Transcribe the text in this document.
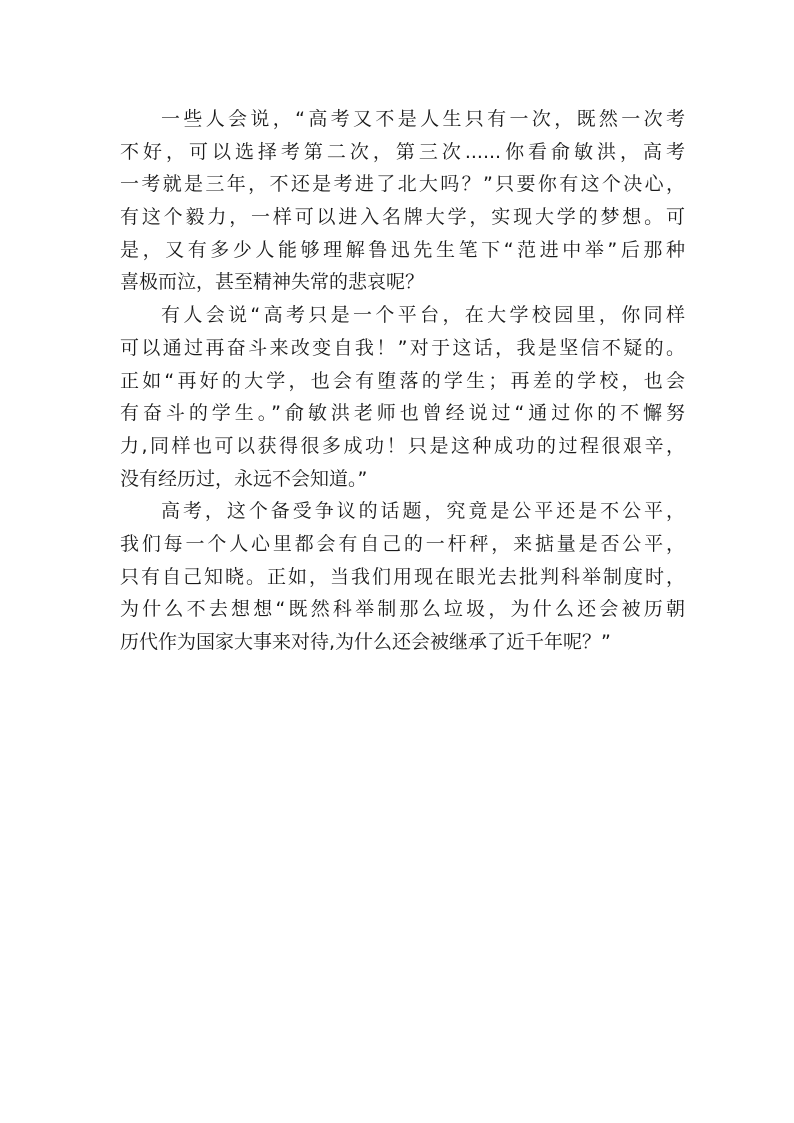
一些人会说，“高考又不是人生只有一次，既然一次考
不好，可以选择考第二次，第三次......你看俞敏洪，高考
一考就是三年，不还是考进了北大吗？”只要你有这个决心，
有这个毅力，一样可以进入名牌大学，实现大学的梦想。可
是，又有多少人能够理解鲁迅先生笔下“范进中举”后那种
喜极而泣，甚至精神失常的悲哀呢？

有人会说“高考只是一个平台，在大学校园里，你同样
可以通过再奋斗来改变自我！”对于这话，我是坚信不疑的。
正如“再好的大学，也会有堕落的学生；再差的学校，也会
有奋斗的学生。”俞敏洪老师也曾经说过“通过你的不懈努
力,同样也可以获得很多成功！只是这种成功的过程很艰辛，
没有经历过，永远不会知道。”

高考，这个备受争议的话题，究竟是公平还是不公平，
我们每一个人心里都会有自己的一杆秤，来掂量是否公平，
只有自己知晓。正如，当我们用现在眼光去批判科举制度时，
为什么不去想想“既然科举制那么垃圾，为什么还会被历朝
历代作为国家大事来对待,为什么还会被继承了近千年呢？”
